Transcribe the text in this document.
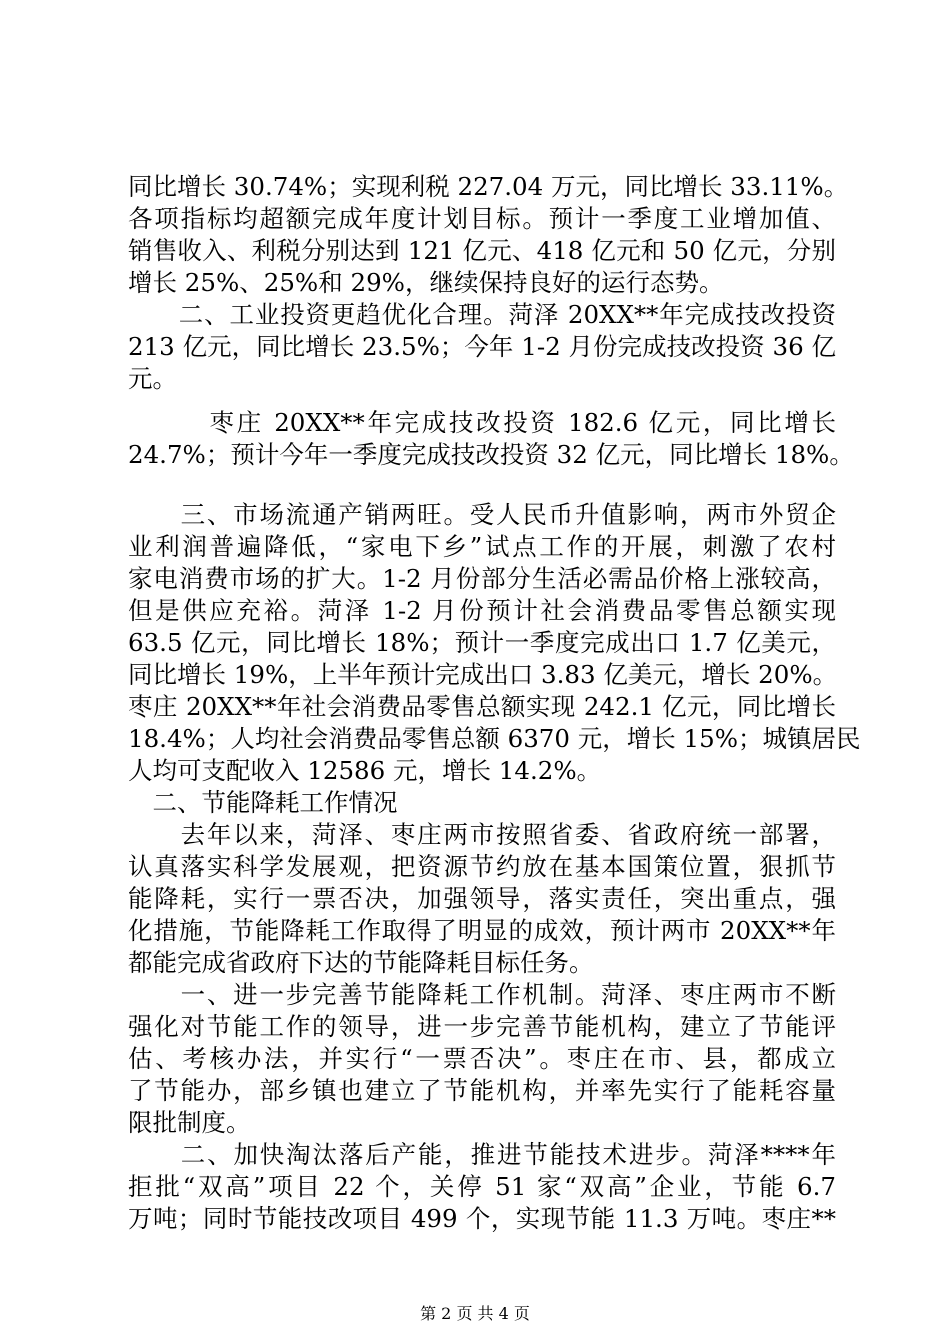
同比增长 30.74%；实现利税 227.04 万元，同比增长 33.11%。
各项指标均超额完成年度计划目标。预计一季度工业增加值、
销售收入、利税分别达到 121 亿元、418 亿元和 50 亿元，分别
增长 25%、25%和 29%，继续保持良好的运行态势。
　　二、工业投资更趋优化合理。菏泽 20XX**年完成技改投资
213 亿元，同比增长 23.5%；今年 1-2 月份完成技改投资 36 亿
元。
　　　枣庄 20XX**年完成技改投资 182.6 亿元，同比增长
24.7%；预计今年一季度完成技改投资 32 亿元，同比增长 18%。
　　三、市场流通产销两旺。受人民币升值影响，两市外贸企
业利润普遍降低，“家电下乡”试点工作的开展，刺激了农村
家电消费市场的扩大。1-2 月份部分生活必需品价格上涨较高，
但是供应充裕。菏泽 1-2 月份预计社会消费品零售总额实现
63.5 亿元，同比增长 18%；预计一季度完成出口 1.7 亿美元，
同比增长 19%，上半年预计完成出口 3.83 亿美元，增长 20%。
枣庄 20XX**年社会消费品零售总额实现 242.1 亿元，同比增长
18.4%；人均社会消费品零售总额 6370 元，增长 15%；城镇居民
人均可支配收入 12586 元，增长 14.2%。
　二、节能降耗工作情况
　　去年以来，菏泽、枣庄两市按照省委、省政府统一部署，
认真落实科学发展观，把资源节约放在基本国策位置，狠抓节
能降耗，实行一票否决，加强领导，落实责任，突出重点，强
化措施，节能降耗工作取得了明显的成效，预计两市 20XX**年
都能完成省政府下达的节能降耗目标任务。
　　一、进一步完善节能降耗工作机制。菏泽、枣庄两市不断
强化对节能工作的领导，进一步完善节能机构，建立了节能评
估、考核办法，并实行“一票否决”。枣庄在市、县，都成立
了节能办，部乡镇也建立了节能机构，并率先实行了能耗容量
限批制度。
　　二、加快淘汰落后产能，推进节能技术进步。菏泽****年
拒批“双高”项目 22 个，关停 51 家“双高”企业，节能 6.7
万吨；同时节能技改项目 499 个，实现节能 11.3 万吨。枣庄**
第 2 页 共 4 页
